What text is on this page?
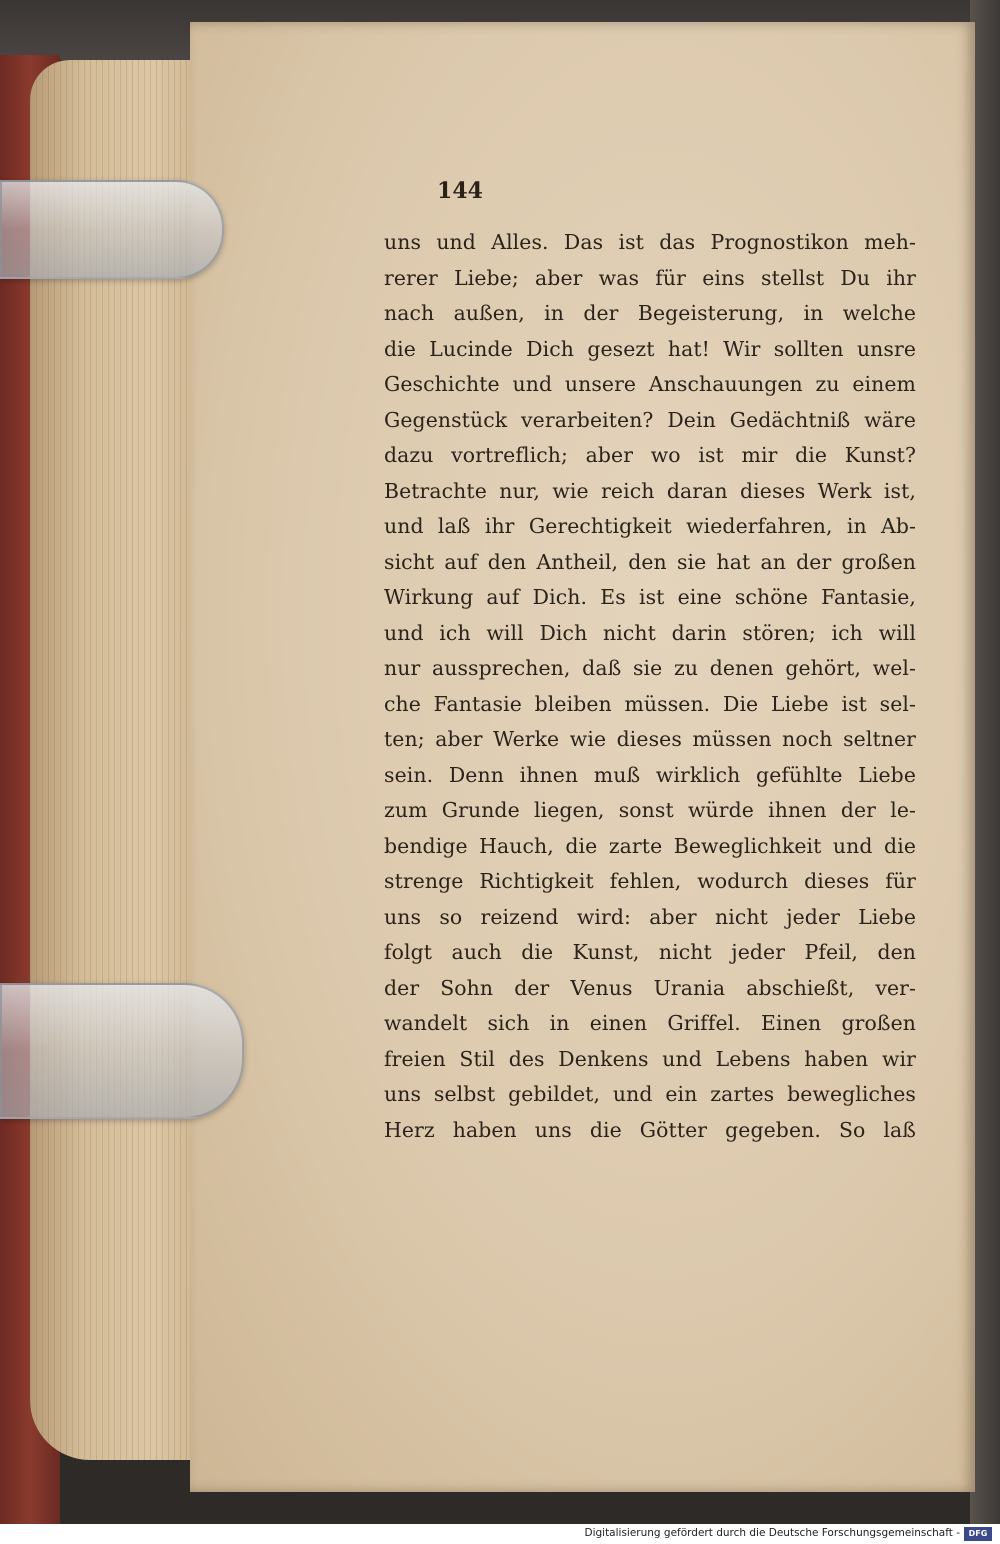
144
uns und Alles. Das ist das Prognostikon meh-
rerer Liebe; aber was für eins stellst Du ihr
nach außen, in der Begeisterung, in welche
die Lucinde Dich gesezt hat! Wir sollten unsre
Geschichte und unsere Anschauungen zu einem
Gegenstück verarbeiten? Dein Gedächtniß wäre
dazu vortreflich; aber wo ist mir die Kunst?
Betrachte nur, wie reich daran dieses Werk ist,
und laß ihr Gerechtigkeit wiederfahren, in Ab-
sicht auf den Antheil, den sie hat an der großen
Wirkung auf Dich. Es ist eine schöne Fantasie,
und ich will Dich nicht darin stören; ich will
nur aussprechen, daß sie zu denen gehört, wel-
che Fantasie bleiben müssen. Die Liebe ist sel-
ten; aber Werke wie dieses müssen noch seltner
sein. Denn ihnen muß wirklich gefühlte Liebe
zum Grunde liegen, sonst würde ihnen der le-
bendige Hauch, die zarte Beweglichkeit und die
strenge Richtigkeit fehlen, wodurch dieses für
uns so reizend wird: aber nicht jeder Liebe
folgt auch die Kunst, nicht jeder Pfeil, den
der Sohn der Venus Urania abschießt, ver-
wandelt sich in einen Griffel. Einen großen
freien Stil des Denkens und Lebens haben wir
uns selbst gebildet, und ein zartes bewegliches
Herz haben uns die Götter gegeben. So laß
Digitalisierung gefördert durch die Deutsche Forschungsgemeinschaft -	DFG
